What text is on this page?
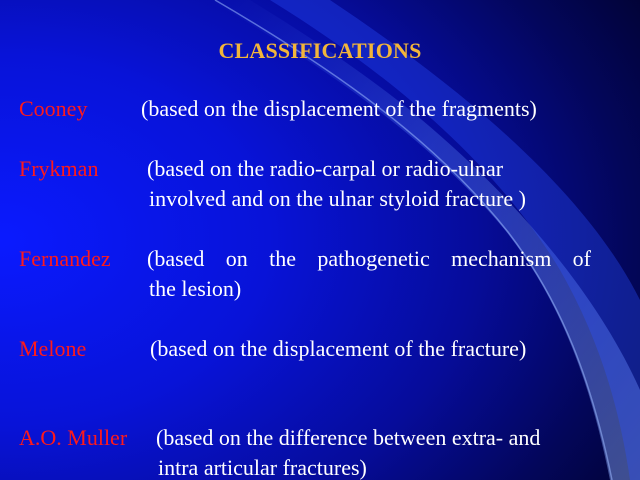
CLASSIFICATIONS
Cooney (based on the displacement of the fragments)
Frykman (based on the radio-carpal or radio-ulnar
involved and on the ulnar styloid fracture )
Fernandez (based on the pathogenetic mechanism of
the lesion)
Melone	(based on the displacement of the fracture)
A.O. Muller (based on the difference between extra- and
intra articular fractures)
